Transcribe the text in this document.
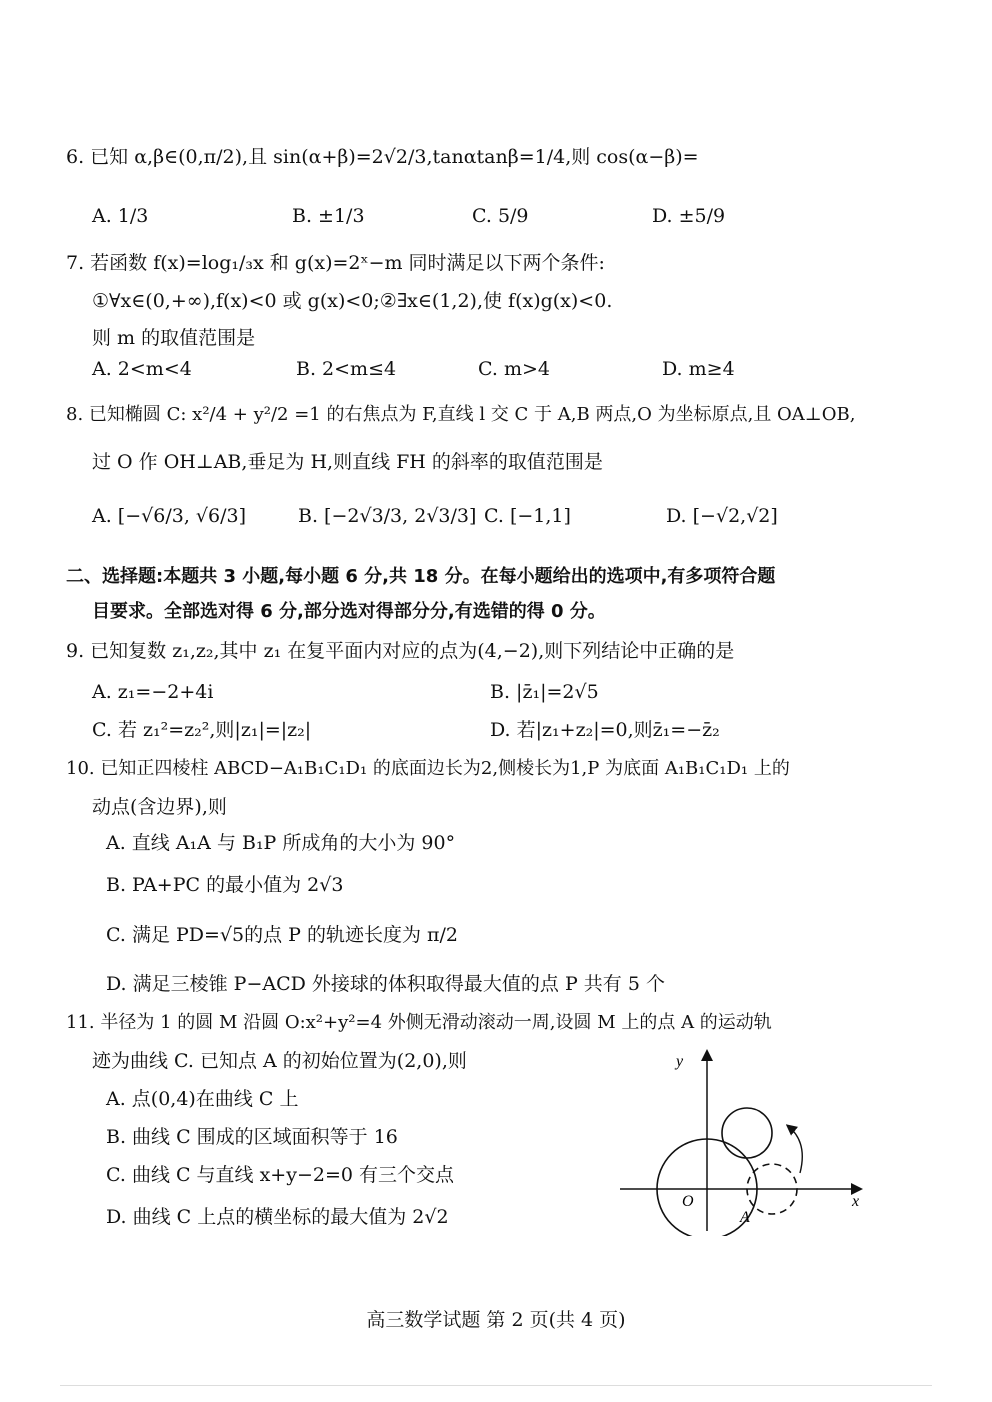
6. 已知 α,β∈(0,π/2),且 sin(α+β)=2√2/3,tanαtanβ=1/4,则 cos(α−β)=
A. 1/3	B. ±1/3	C. 5/9	D. ±5/9
7. 若函数 f(x)=log₁/₃x 和 g(x)=2ˣ−m 同时满足以下两个条件:
①∀x∈(0,+∞),f(x)<0 或 g(x)<0;②∃x∈(1,2),使 f(x)g(x)<0.
则 m 的取值范围是
A. 2<m<4	B. 2<m≤4	C. m>4	D. m≥4
8. 已知椭圆 C: x²/4 + y²/2 =1 的右焦点为 F,直线 l 交 C 于 A,B 两点,O 为坐标原点,且 OA⊥OB,
过 O 作 OH⊥AB,垂足为 H,则直线 FH 的斜率的取值范围是
A. [−√6/3, √6/3]	B. [−2√3/3, 2√3/3] C. [−1,1]	D. [−√2,√2]
二、选择题:本题共 3 小题,每小题 6 分,共 18 分。在每小题给出的选项中,有多项符合题
目要求。全部选对得 6 分,部分选对得部分分,有选错的得 0 分。
9. 已知复数 z₁,z₂,其中 z₁ 在复平面内对应的点为(4,−2),则下列结论中正确的是
A. z₁=−2+4i	B. |z̄₁|=2√5
C. 若 z₁²=z₂²,则|z₁|=|z₂|	D. 若|z₁+z₂|=0,则z̄₁=−z̄₂
10. 已知正四棱柱 ABCD−A₁B₁C₁D₁ 的底面边长为2,侧棱长为1,P 为底面 A₁B₁C₁D₁ 上的
动点(含边界),则
A. 直线 A₁A 与 B₁P 所成角的大小为 90°
B. PA+PC 的最小值为 2√3
C. 满足 PD=√5的点 P 的轨迹长度为 π/2
D. 满足三棱锥 P−ACD 外接球的体积取得最大值的点 P 共有 5 个
11. 半径为 1 的圆 M 沿圆 O:x²+y²=4 外侧无滑动滚动一周,设圆 M 上的点 A 的运动轨
迹为曲线 C. 已知点 A 的初始位置为(2,0),则
A. 点(0,4)在曲线 C 上
B. 曲线 C 围成的区域面积等于 16
C. 曲线 C 与直线 x+y−2=0 有三个交点
D. 曲线 C 上点的横坐标的最大值为 2√2
y
x
O
A
高三数学试题 第 2 页(共 4 页)
